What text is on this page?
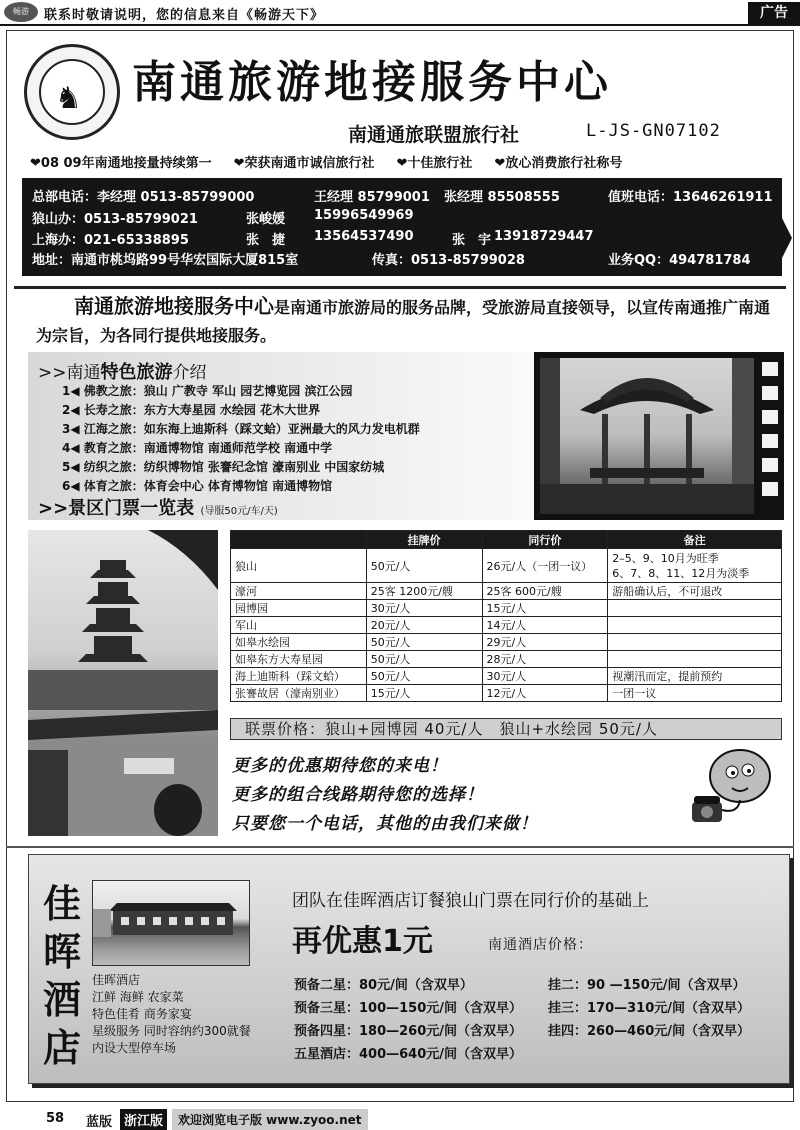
畅游	联系时敬请说明，您的信息来自《畅游天下》	广告
♞ 南通旅游地接服务中心
南通通旅联盟旅行社	L-JS-GN07102
❤08 09年南通地接量持续第一 ❤荣获南通市诚信旅行社 ❤十佳旅行社 ❤放心消费旅行社称号
总部电话：李经理 0513-85799000	王经理 85799001 张经理 85508555	值班电话：13646261911
狼山办：0513-85799021	张峻媛 15996549969
上海办：021-65338895	张　捷 13564537490	张　宇 13918729447
地址：南通市桃坞路99号华宏国际大厦815室	传真：0513-85799028	业务QQ：494781784
南通旅游地接服务中心是南通市旅游局的服务品牌，受旅游局直接领导，以宣传南通推广南通为宗旨，为各同行提供地接服务。
>>南通特色旅游介绍
1◀ 佛教之旅：狼山 广教寺 军山 园艺博览园 滨江公园
2◀ 长寿之旅：东方大寿星园 水绘园 花木大世界
3◀ 江海之旅：如东海上迪斯科（踩文蛤）亚洲最大的风力发电机群
4◀ 教育之旅：南通博物馆 南通师范学校 南通中学
5◀ 纺织之旅：纺织博物馆 张謇纪念馆 濠南别业 中国家纺城
6◀ 体育之旅：体育会中心 体育博物馆 南通博物馆
>>景区门票一览表 (导服50元/车/天)
	挂牌价	同行价	备注
狼山	50元/人	26元/人（一团一议）	2–5、9、10月为旺季
6、7、8、11、12月为淡季
濠河	25客 1200元/艘	25客 600元/艘	游船确认后，不可退改
园博园	30元/人	15元/人	
军山	20元/人	14元/人	
如皋水绘园	50元/人	29元/人	
如皋东方大寿星园	50元/人	28元/人	
海上迪斯科（踩文蛤）	50元/人	30元/人	视潮汛而定，提前预约
张謇故居（濠南别业）	15元/人	12元/人	一团一议
联票价格：狼山+园博园 40元/人　狼山+水绘园 50元/人
更多的优惠期待您的来电！
更多的组合线路期待您的选择！
只要您一个电话，其他的由我们来做！
佳
晖
酒
店
佳晖酒店
江鲜 海鲜 农家菜
特色佳肴 商务家宴
星级服务 同时容纳约300就餐
内设大型停车场
团队在佳晖酒店订餐狼山门票在同行价的基础上
再优惠1元	南通酒店价格：
预备二星：80元/间（含双早）
预备三星：100—150元/间（含双早）
预备四星：180—260元/间（含双早）
五星酒店：400—640元/间（含双早）
挂二：90 —150元/间（含双早）
挂三：170—310元/间（含双早）
挂四：260—460元/间（含双早）
58 蓝版 浙江版	欢迎浏览电子版 www.zyoo.net
